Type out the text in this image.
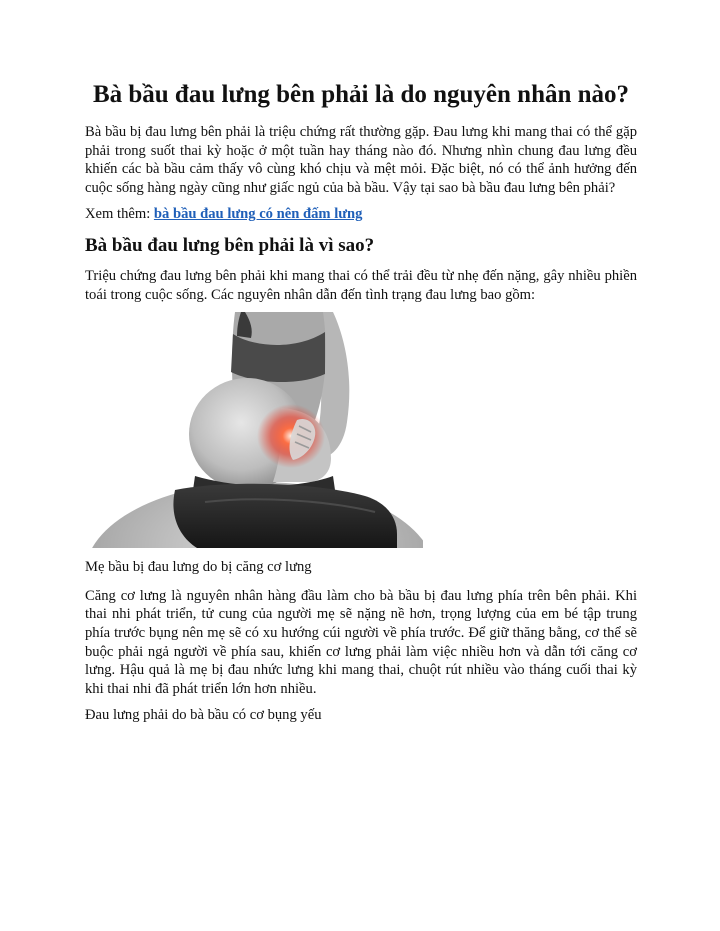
Bà bầu đau lưng bên phải là do nguyên nhân nào?

Bà bầu bị đau lưng bên phải là triệu chứng rất thường gặp. Đau lưng khi mang thai có thể gặp phải trong suốt thai kỳ hoặc ở một tuần hay tháng nào đó. Nhưng nhìn chung đau lưng đều khiến các bà bầu cảm thấy vô cùng khó chịu và mệt mỏi. Đặc biệt, nó có thể ảnh hưởng đến cuộc sống hàng ngày cũng như giấc ngủ của bà bầu. Vậy tại sao bà bầu đau lưng bên phải?

Xem thêm: bà bầu đau lưng có nên đấm lưng

Bà bầu đau lưng bên phải là vì sao?

Triệu chứng đau lưng bên phải khi mang thai có thể trải đều từ nhẹ đến nặng, gây nhiều phiền toái trong cuộc sống. Các nguyên nhân dẫn đến tình trạng đau lưng bao gồm:

Mẹ bầu bị đau lưng do bị căng cơ lưng

Căng cơ lưng là nguyên nhân hàng đầu làm cho bà bầu bị đau lưng phía trên bên phải. Khi thai nhi phát triển, tử cung của người mẹ sẽ nặng nề hơn, trọng lượng của em bé tập trung phía trước bụng nên mẹ sẽ có xu hướng cúi người về phía trước. Để giữ thăng bằng, cơ thể sẽ buộc phải ngả người về phía sau, khiến cơ lưng phải làm việc nhiều hơn và dẫn tới căng cơ lưng. Hậu quả là mẹ bị đau nhức lưng khi mang thai, chuột rút nhiều vào tháng cuối thai kỳ khi thai nhi đã phát triển lớn hơn nhiều.

Đau lưng phải do bà bầu có cơ bụng yếu
